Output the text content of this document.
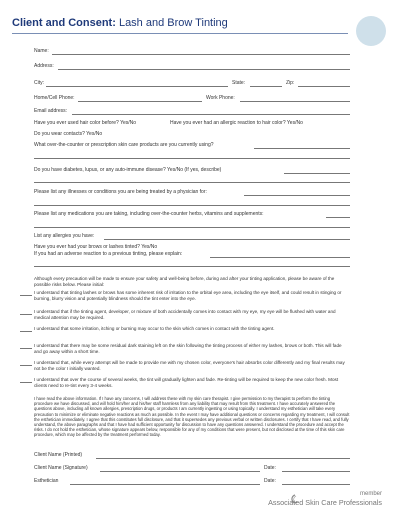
Client and Consent: Lash and Brow Tinting
Name:
Address:
City:	State:	Zip:
Home/Cell Phone:	Work Phone:
Email address:
Have you ever used hair color before? Yes/No	Have you ever had an allergic reaction to hair color? Yes/No
Do you wear contacts? Yes/No
What over-the-counter or prescription skin care products are you currently using?
Do you have diabetes, lupus, or any auto-immune disease? Yes/No (If yes, describe)
Please list any illnesses or conditions you are being treated by a physician for:
Please list any medications you are taking, including over-the-counter herbs, vitamins and supplements:
List any allergies you have:
Have you ever had your brows or lashes tinted? Yes/No
If you had an adverse reaction to a previous tinting, please explain:
Although every precaution will be made to ensure your safety and well-being before, during and after your tinting application, please be aware of the possible risks below. Please initial:
I understand that tinting lashes or brows has some inherent risk of irritation to the orbital eye area, including the eye itself, and could result in stinging or burning, blurry vision and potentially blindness should the tint enter into the eye.
I understand that if the tinting agent, developer, or mixture of both accidentally comes into contact with my eye, my eye will be flushed with water and medical attention may be required.
I understand that some irritation, itching or burning may occur to the skin which comes in contact with the tinting agent.
I understand that there may be some residual dark staining left on the skin following the tinting process of either my lashes, brows or both. This will fade and go away within a short time.
I understand that, while every attempt will be made to provide me with my chosen color, everyone's hair absorbs color differently and my final results may not be the color I initially wanted.
I understand that over the course of several weeks, the tint will gradually lighten and fade. Re-tinting will be required to keep the new color fresh. Most clients need to re-tint every 3-4 weeks.
I have read the above information. If I have any concerns, I will address these with my skin care therapist. I give permission to my therapist to perform the tinting procedure we have discussed, and will hold him/her and his/her staff harmless from any liability that may result from this treatment. I have accurately answered the questions above, including all known allergies, prescription drugs, or products I am currently ingesting or using topically. I understand my esthetician will take every precaution to minimize or eliminate negative reactions as much as possible. In the event I may have additional questions or concerns regarding my treatment, I will consult the esthetician immediately. I agree that this constitutes full disclosure, and that it supersedes any previous verbal or written disclosures. I certify that I have read, and fully understand, the above paragraphs and that I have had sufficient opportunity for discussion to have any questions answered. I understand the procedure and accept the risks. I do not hold the esthetician, whose signature appears below, responsible for any of my conditions that were present, but not disclosed at the time of this skin care procedure, which may be affected by the treatment performed today.
Client Name (Printed)
Client Name (Signature)	Date:
Esthetician	Date:
member
Associated Skin Care Professionals
